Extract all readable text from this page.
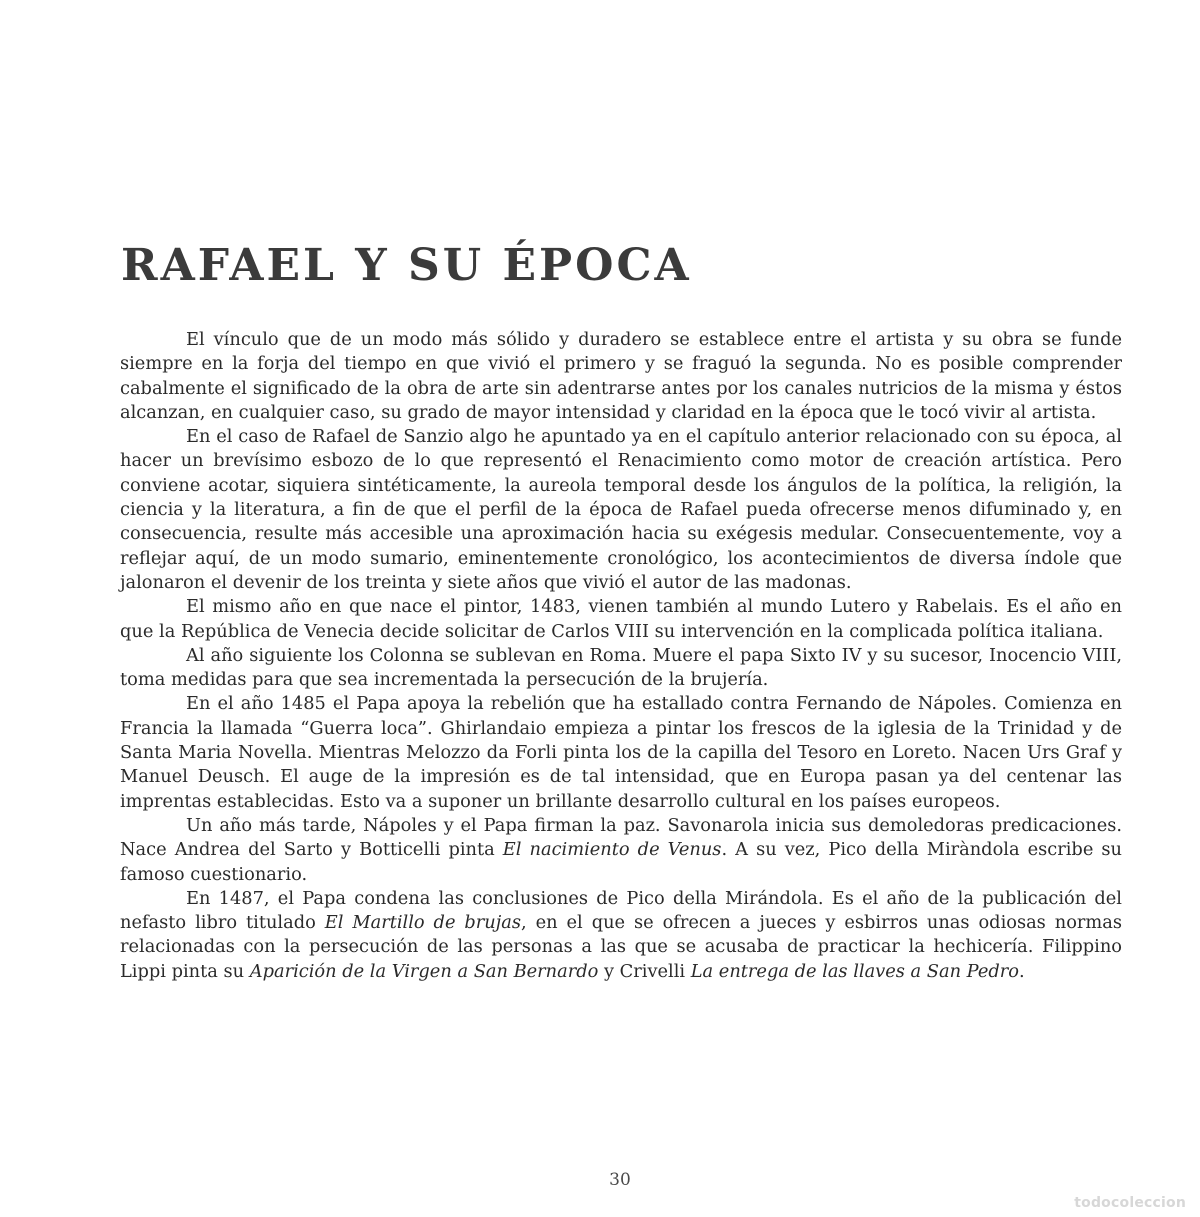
RAFAEL Y SU ÉPOCA

El vínculo que de un modo más sólido y duradero se establece entre el artista y su obra se funde siempre en la forja del tiempo en que vivió el primero y se fraguó la segunda. No es posible comprender cabalmente el significado de la obra de arte sin adentrarse antes por los canales nutricios de la misma y éstos alcanzan, en cualquier caso, su grado de mayor intensidad y claridad en la época que le tocó vivir al artista.

En el caso de Rafael de Sanzio algo he apuntado ya en el capítulo anterior relacionado con su época, al hacer un brevísimo esbozo de lo que representó el Renacimiento como motor de creación artística. Pero conviene acotar, siquiera sintéticamente, la aureola temporal desde los ángulos de la política, la religión, la ciencia y la literatura, a fin de que el perfil de la época de Rafael pueda ofrecerse menos difuminado y, en consecuencia, resulte más accesible una aproximación hacia su exégesis medular. Consecuentemente, voy a reflejar aquí, de un modo sumario, eminentemente cronológico, los acontecimientos de diversa índole que jalonaron el devenir de los treinta y siete años que vivió el autor de las madonas.

El mismo año en que nace el pintor, 1483, vienen también al mundo Lutero y Rabelais. Es el año en que la República de Venecia decide solicitar de Carlos VIII su intervención en la complicada política italiana.

Al año siguiente los Colonna se sublevan en Roma. Muere el papa Sixto IV y su sucesor, Inocencio VIII, toma medidas para que sea incrementada la persecución de la brujería.

En el año 1485 el Papa apoya la rebelión que ha estallado contra Fernando de Nápoles. Comienza en Francia la llamada “Guerra loca”. Ghirlandaio empieza a pintar los frescos de la iglesia de la Trinidad y de Santa Maria Novella. Mientras Melozzo da Forli pinta los de la capilla del Tesoro en Loreto. Nacen Urs Graf y Manuel Deusch. El auge de la impresión es de tal intensidad, que en Europa pasan ya del centenar las imprentas establecidas. Esto va a suponer un brillante desarrollo cultural en los países europeos.

Un año más tarde, Nápoles y el Papa firman la paz. Savonarola inicia sus demoledoras predicaciones. Nace Andrea del Sarto y Botticelli pinta El nacimiento de Venus. A su vez, Pico della Miràndola escribe su famoso cuestionario.

En 1487, el Papa condena las conclusiones de Pico della Mirándola. Es el año de la publicación del nefasto libro titulado El Martillo de brujas, en el que se ofrecen a jueces y esbirros unas odiosas normas relacionadas con la persecución de las personas a las que se acusaba de practicar la hechicería. Filippino Lippi pinta su Aparición de la Virgen a San Bernardo y Crivelli La entrega de las llaves a San Pedro.

30
todocoleccion
